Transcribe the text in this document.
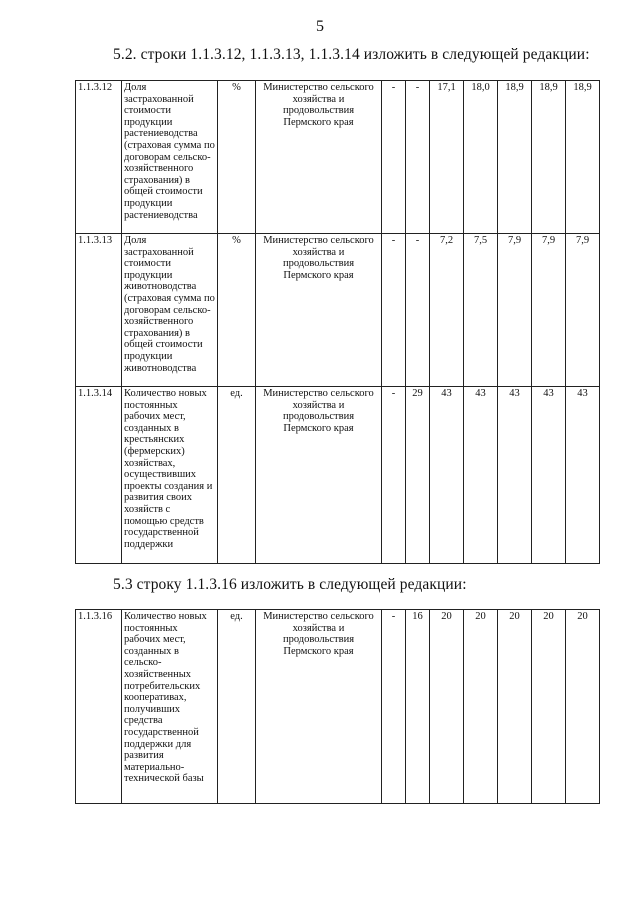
5
5.2. строки 1.1.3.12, 1.1.3.13, 1.1.3.14 изложить в следующей редакции:
1.1.3.12	Доля застрахованной стоимости продукции растениеводства (страховая сумма по договорам сельско-хозяйственного страхования) в общей стоимости продукции растениеводства	%	Министерство сельского хозяйства и продовольствия Пермского края	-	-	17,1	18,0	18,9	18,9	18,9
1.1.3.13	Доля застрахованной стоимости продукции животноводства (страховая сумма по договорам сельско-хозяйственного страхования) в общей стоимости продукции животноводства	%	Министерство сельского хозяйства и продовольствия Пермского края	-	-	7,2	7,5	7,9	7,9	7,9
1.1.3.14	Количество новых постоянных рабочих мест, созданных в крестьянских (фермерских) хозяйствах, осуществивших проекты создания и развития своих хозяйств с помощью средств государственной поддержки	ед.	Министерство сельского хозяйства и продовольствия Пермского края	-	29	43	43	43	43	43
5.3 строку 1.1.3.16 изложить в следующей редакции:
1.1.3.16	Количество новых постоянных рабочих мест, созданных в сельско-хозяйственных потребительских кооперативах, получивших средства государственной поддержки для развития материально-технической базы	ед.	Министерство сельского хозяйства и продовольствия Пермского края	-	16	20	20	20	20	20
